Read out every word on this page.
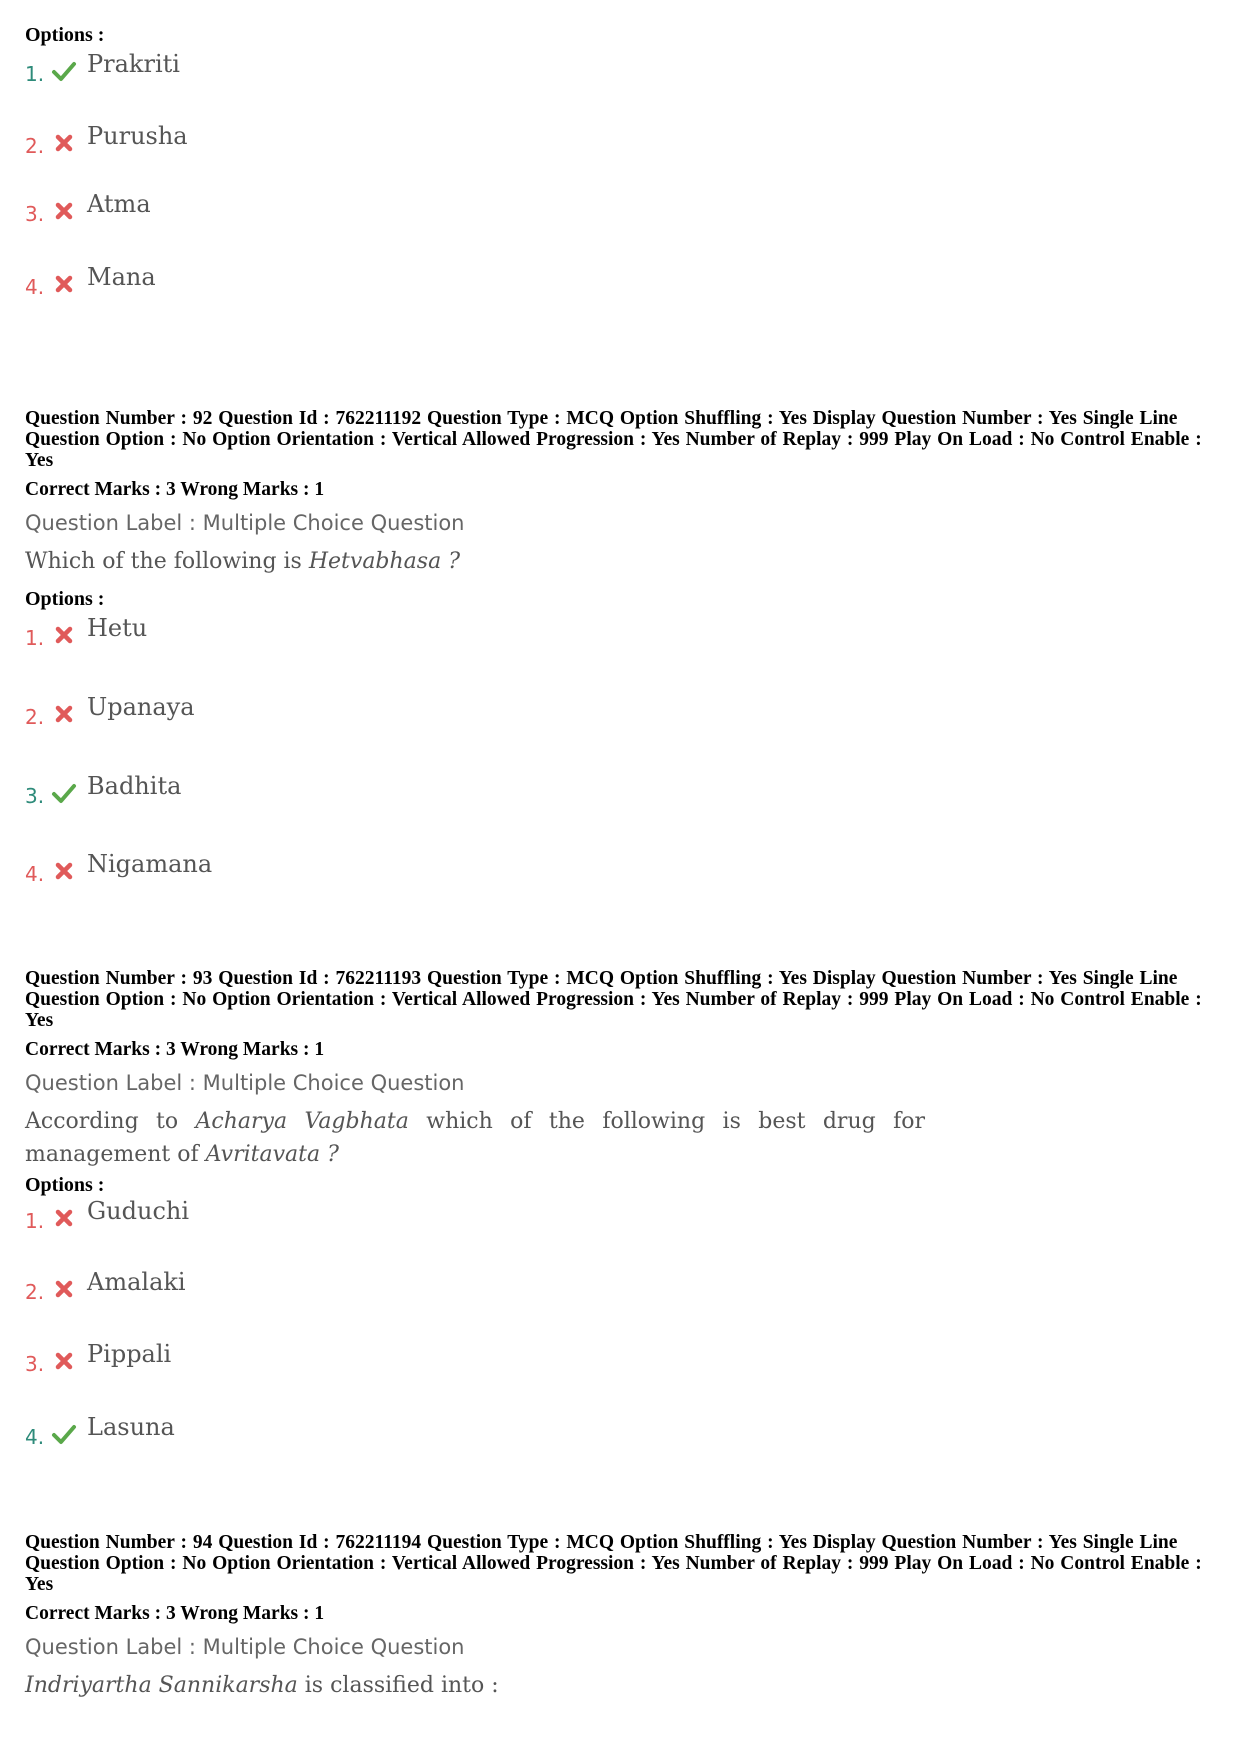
Options :
1. Prakriti
2. Purusha
3. Atma
4. Mana

Question Number : 92 Question Id : 762211192 Question Type : MCQ Option Shuffling : Yes Display Question Number : Yes Single Line Question Option : No Option Orientation : Vertical Allowed Progression : Yes Number of Replay : 999 Play On Load : No Control Enable : Yes

Correct Marks : 3 Wrong Marks : 1
Question Label : Multiple Choice Question
Which of the following is Hetvabhasa ?
Options :
1. Hetu
2. Upanaya
3. Badhita
4. Nigamana

Question Number : 93 Question Id : 762211193 Question Type : MCQ Option Shuffling : Yes Display Question Number : Yes Single Line Question Option : No Option Orientation : Vertical Allowed Progression : Yes Number of Replay : 999 Play On Load : No Control Enable : Yes

Correct Marks : 3 Wrong Marks : 1
Question Label : Multiple Choice Question
According to Acharya Vagbhata which of the following is best drug for management of Avritavata ?
Options :
1. Guduchi
2. Amalaki
3. Pippali
4. Lasuna

Question Number : 94 Question Id : 762211194 Question Type : MCQ Option Shuffling : Yes Display Question Number : Yes Single Line Question Option : No Option Orientation : Vertical Allowed Progression : Yes Number of Replay : 999 Play On Load : No Control Enable : Yes

Correct Marks : 3 Wrong Marks : 1
Question Label : Multiple Choice Question
Indriyartha Sannikarsha is classified into :
